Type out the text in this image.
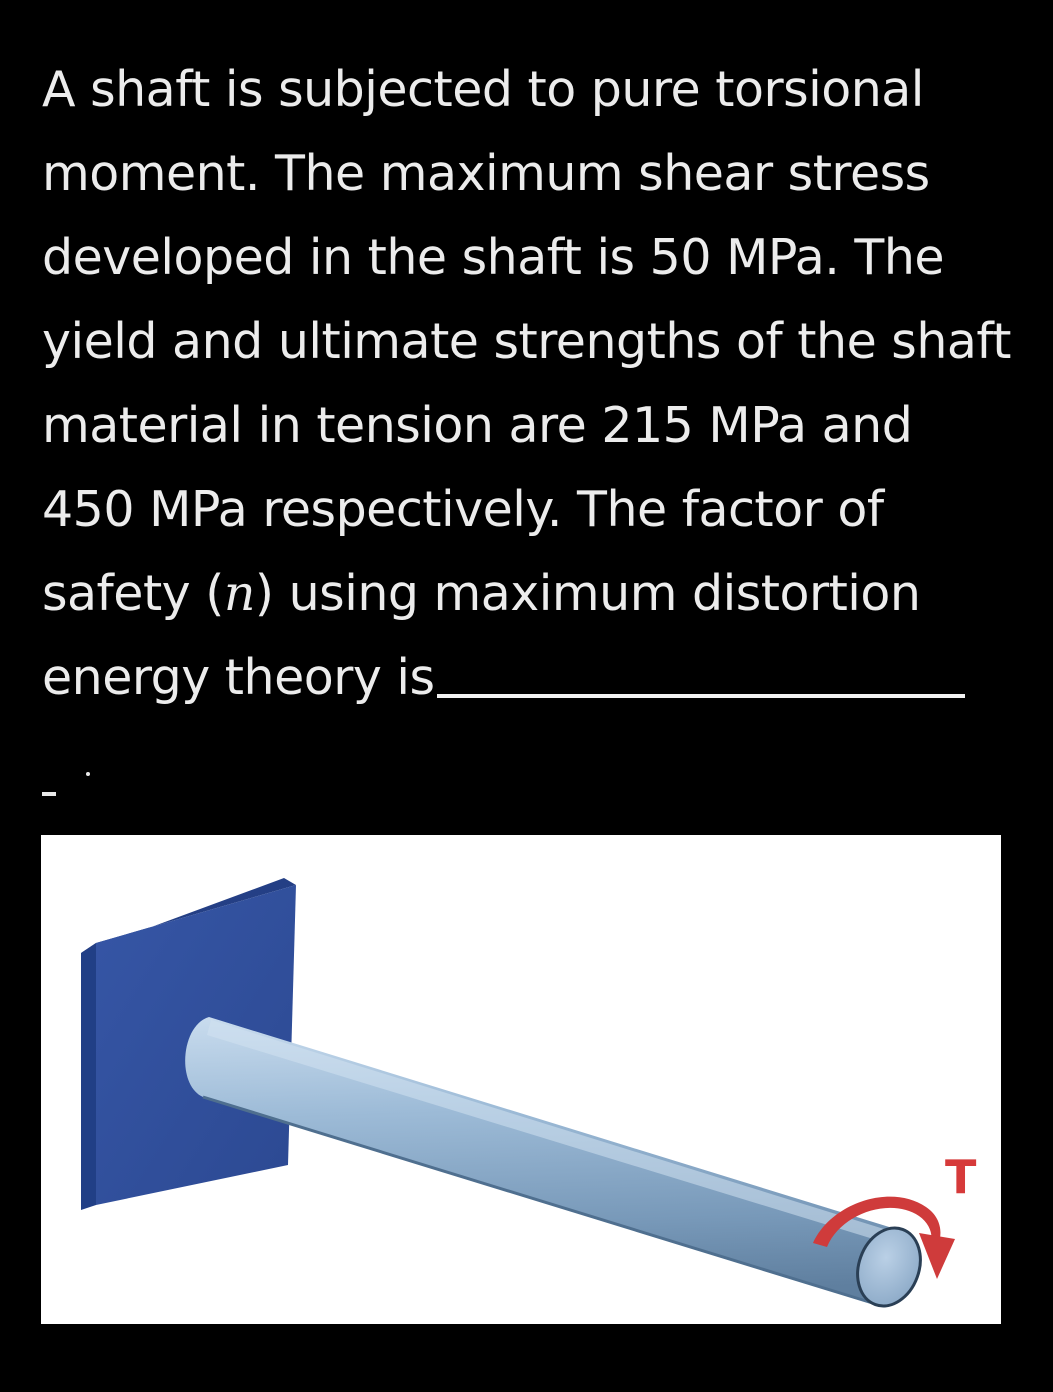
A shaft is subjected to pure torsional
moment. The maximum shear stress
developed in the shaft is 50 MPa. The
yield and ultimate strengths of the shaft
material in tension are 215 MPa and
450 MPa respectively. The factor of
safety (n) using maximum distortion
energy theory is
T
